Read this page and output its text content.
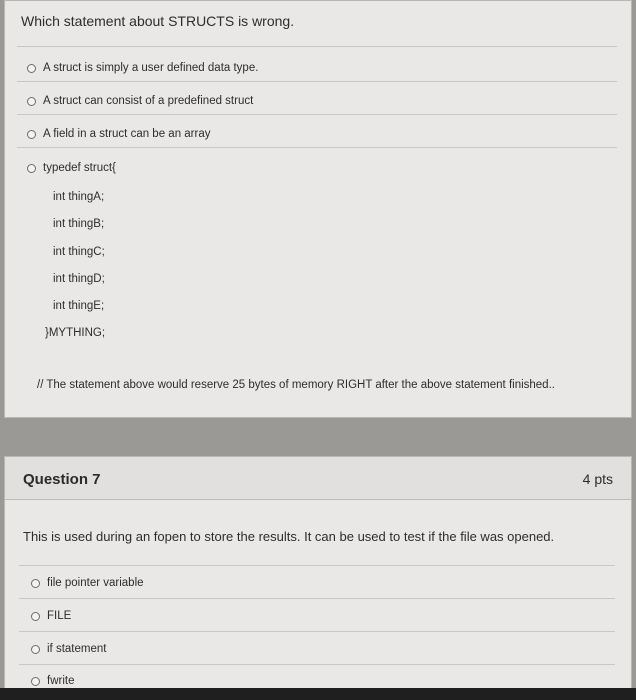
Which statement about STRUCTS is wrong.
A struct is simply a user defined data type.
A struct can consist of a predefined struct
A field in a struct can be an array
typedef struct{
int thingA;
int thingB;
int thingC;
int thingD;
int thingE;
}MYTHING;
// The statement above would reserve 25 bytes of memory RIGHT after the above statement finished..
Question 7	4 pts
This is used during an fopen to store the results. It can be used to test if the file was opened.
file pointer variable
FILE
if statement
fwrite
